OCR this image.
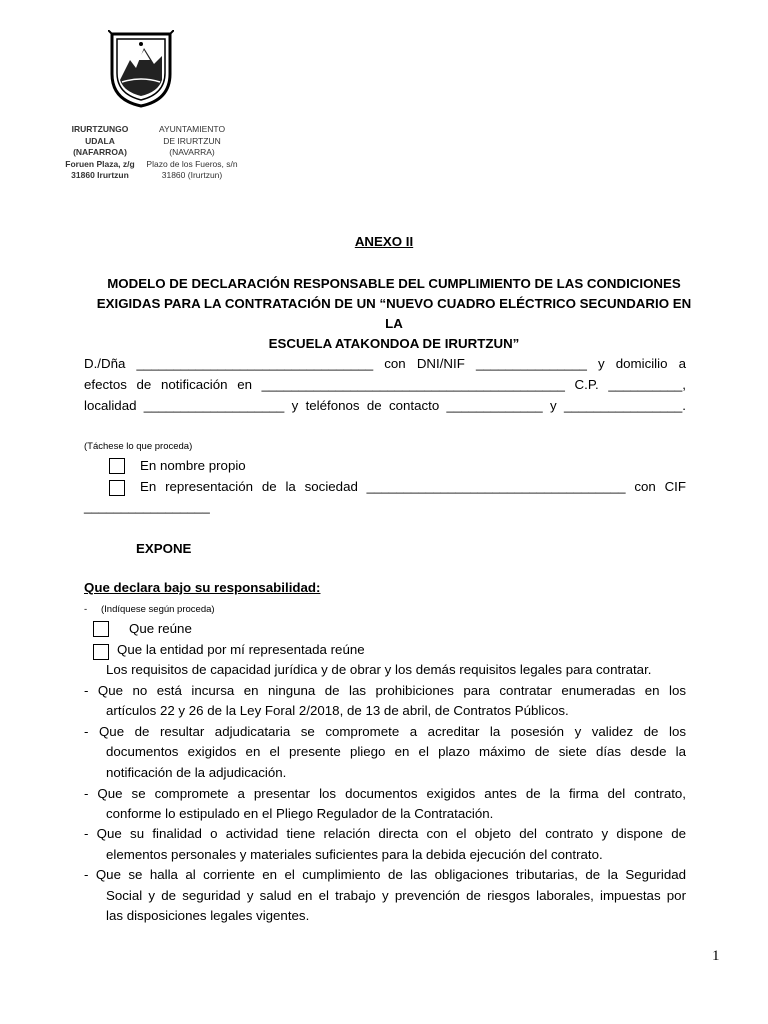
IRURTZUNGO
UDALA
(NAFARROA)
Foruen Plaza, z/g
31860 Irurtzun
AYUNTAMIENTO
DE IRURTZUN
(NAVARRA)
Plazo de los Fueros, s/n
31860 (Irurtzun)
ANEXO II
MODELO DE DECLARACIÓN RESPONSABLE DEL CUMPLIMIENTO DE LAS CONDICIONES
EXIGIDAS PARA LA CONTRATACIÓN DE UN “NUEVO CUADRO ELÉCTRICO SECUNDARIO EN LA
ESCUELA ATAKONDOA DE IRURTZUN”
D./Dña ________________________________ con DNI/NIF _______________ y domicilio a
efectos de notificación en _________________________________________ C.P. __________,
localidad ___________________ y teléfonos de contacto _____________ y ________________.
(Táchese lo que proceda)
En nombre propio
En representación de la sociedad ___________________________________ con CIF
_________________
EXPONE
Que declara bajo su responsabilidad:
- (Indíquese según proceda)
Que reúne
Que la entidad por mí representada reúne
Los requisitos de capacidad jurídica y de obrar y los demás requisitos legales para contratar.
- Que no está incursa en ninguna de las prohibiciones para contratar enumeradas en los
artículos 22 y 26 de la Ley Foral 2/2018, de 13 de abril, de Contratos Públicos.
- Que de resultar adjudicataria se compromete a acreditar la posesión y validez de los
documentos exigidos en el presente pliego en el plazo máximo de siete días desde la
notificación de la adjudicación.
- Que se compromete a presentar los documentos exigidos antes de la firma del contrato,
conforme lo estipulado en el Pliego Regulador de la Contratación.
- Que su finalidad o actividad tiene relación directa con el objeto del contrato y dispone de
elementos personales y materiales suficientes para la debida ejecución del contrato.
- Que se halla al corriente en el cumplimiento de las obligaciones tributarias, de la Seguridad
Social y de seguridad y salud en el trabajo y prevención de riesgos laborales, impuestas por
las disposiciones legales vigentes.
1
